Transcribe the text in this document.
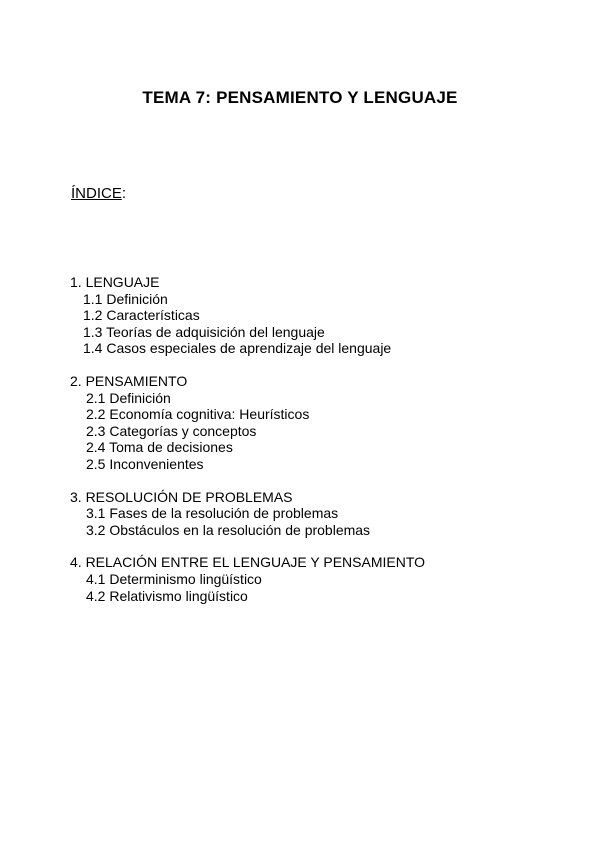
TEMA 7: PENSAMIENTO Y LENGUAJE
ÍNDICE:
1. LENGUAJE
1.1 Definición
1.2 Características
1.3 Teorías de adquisición del lenguaje
1.4 Casos especiales de aprendizaje del lenguaje
2. PENSAMIENTO
2.1 Definición
2.2 Economía cognitiva: Heurísticos
2.3 Categorías y conceptos
2.4 Toma de decisiones
2.5 Inconvenientes
3. RESOLUCIÓN DE PROBLEMAS
3.1 Fases de la resolución de problemas
3.2 Obstáculos en la resolución de problemas
4. RELACIÓN ENTRE EL LENGUAJE Y PENSAMIENTO
4.1 Determinismo lingüístico
4.2 Relativismo lingüístico
